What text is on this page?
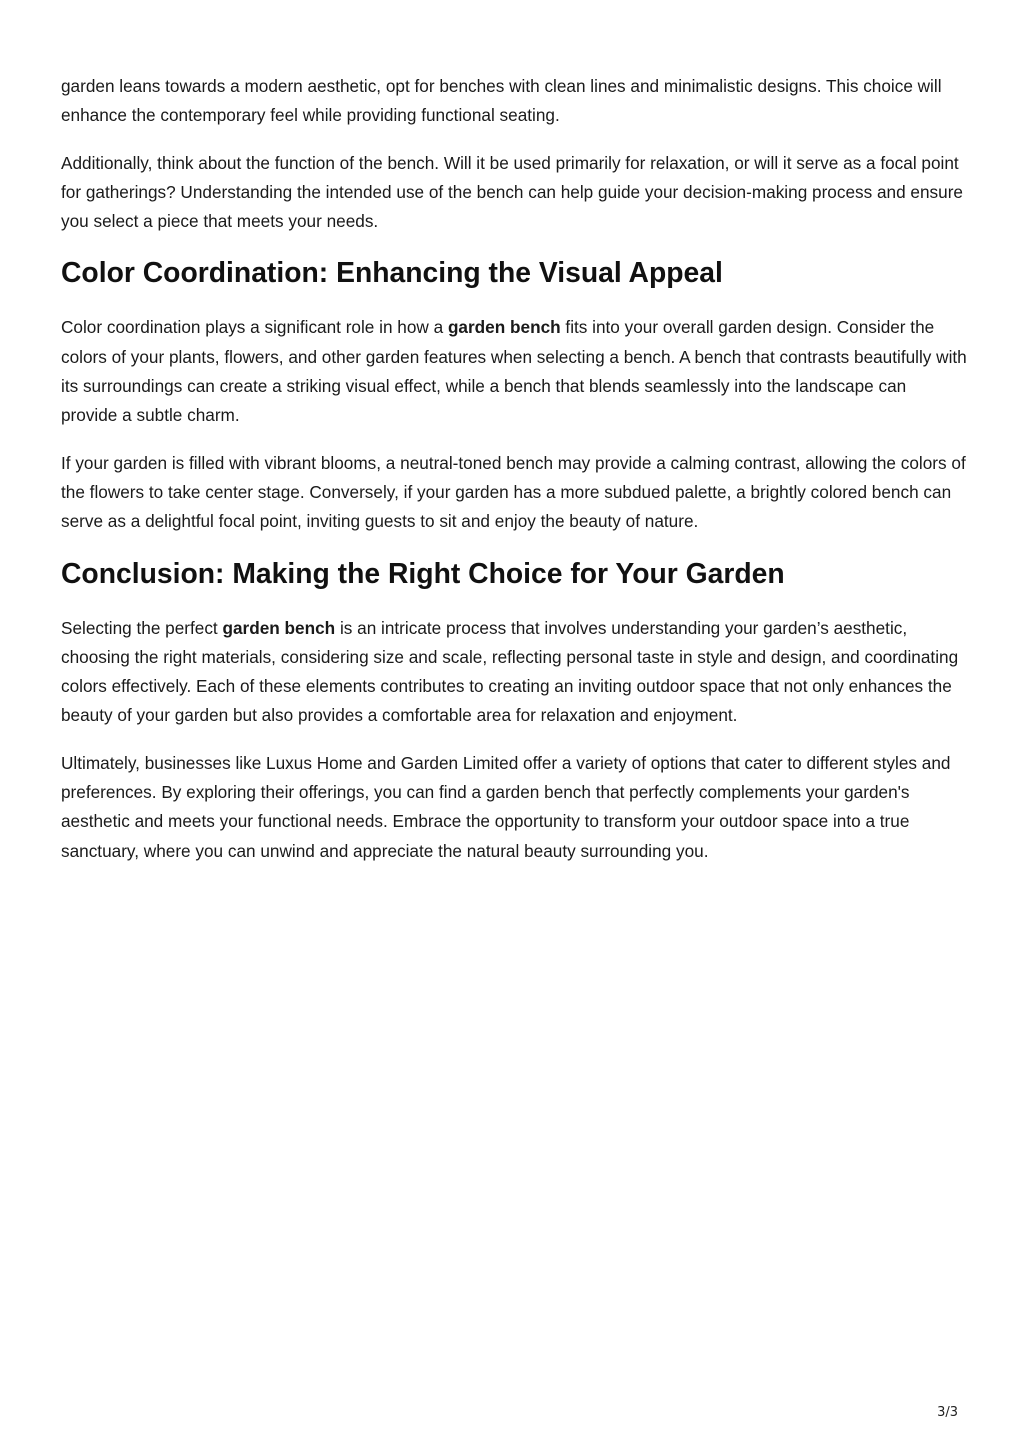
garden leans towards a modern aesthetic, opt for benches with clean lines and minimalistic designs. This choice will enhance the contemporary feel while providing functional seating.

Additionally, think about the function of the bench. Will it be used primarily for relaxation, or will it serve as a focal point for gatherings? Understanding the intended use of the bench can help guide your decision-making process and ensure you select a piece that meets your needs.

Color Coordination: Enhancing the Visual Appeal

Color coordination plays a significant role in how a garden bench fits into your overall garden design. Consider the colors of your plants, flowers, and other garden features when selecting a bench. A bench that contrasts beautifully with its surroundings can create a striking visual effect, while a bench that blends seamlessly into the landscape can provide a subtle charm.

If your garden is filled with vibrant blooms, a neutral-toned bench may provide a calming contrast, allowing the colors of the flowers to take center stage. Conversely, if your garden has a more subdued palette, a brightly colored bench can serve as a delightful focal point, inviting guests to sit and enjoy the beauty of nature.

Conclusion: Making the Right Choice for Your Garden

Selecting the perfect garden bench is an intricate process that involves understanding your garden’s aesthetic, choosing the right materials, considering size and scale, reflecting personal taste in style and design, and coordinating colors effectively. Each of these elements contributes to creating an inviting outdoor space that not only enhances the beauty of your garden but also provides a comfortable area for relaxation and enjoyment.

Ultimately, businesses like Luxus Home and Garden Limited offer a variety of options that cater to different styles and preferences. By exploring their offerings, you can find a garden bench that perfectly complements your garden's aesthetic and meets your functional needs. Embrace the opportunity to transform your outdoor space into a true sanctuary, where you can unwind and appreciate the natural beauty surrounding you.

3/3
